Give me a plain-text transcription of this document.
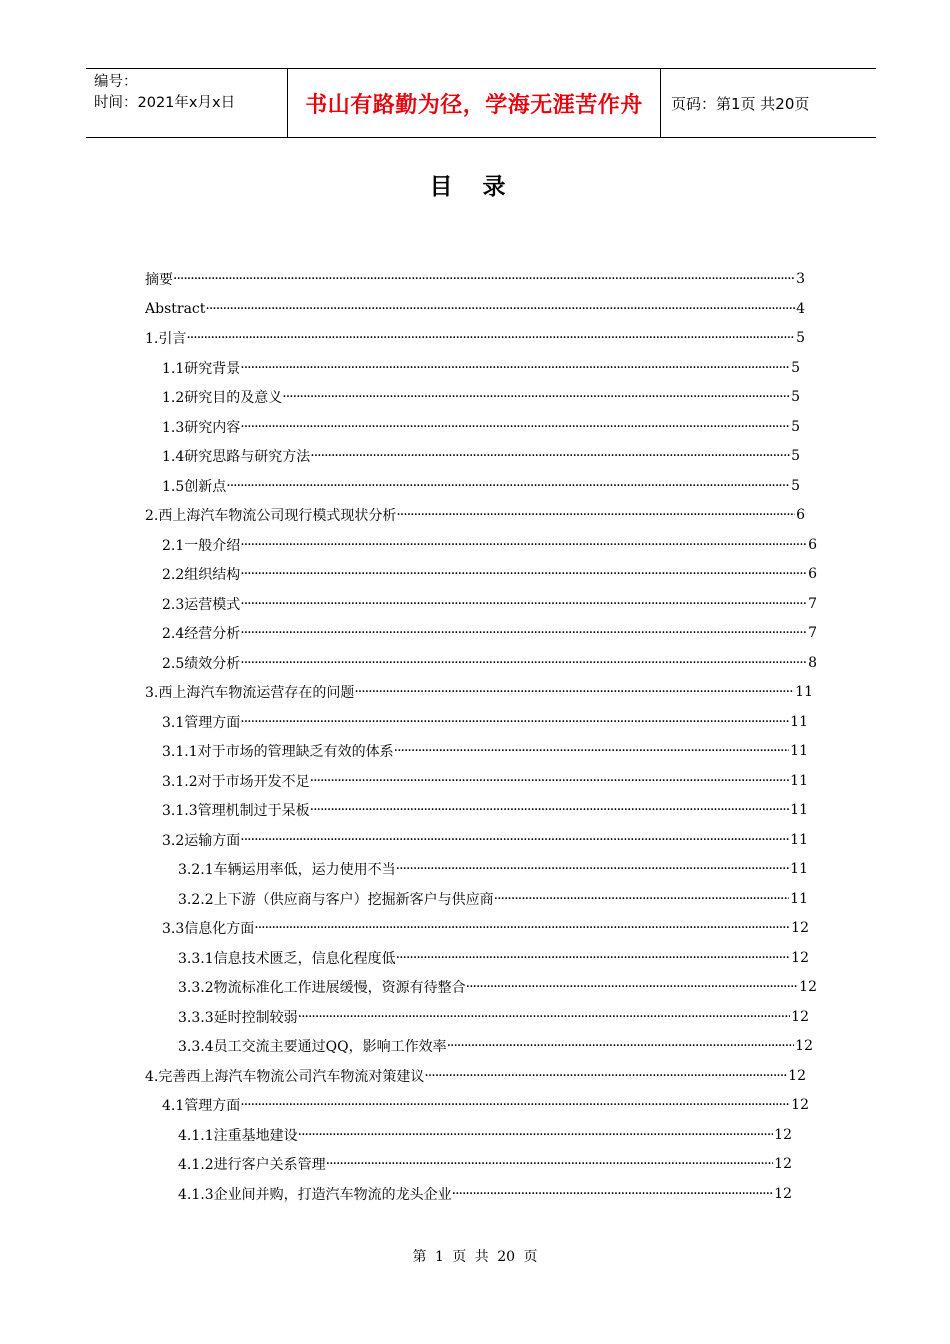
编号：
时间：2021年x月x日	书山有路勤为径，学海无涯苦作舟	页码：第1页 共20页
目录
摘要 ·····	3
Abstract ·····	4
1.引言 ·····	5
1.1研究背景 ·····	5
1.2研究目的及意义 ·····	5
1.3研究内容 ·····	5
1.4研究思路与研究方法 ·····	5
1.5创新点 ·····	5
2.西上海汽车物流公司现行模式现状分析 ·····	6
2.1一般介绍 ·····	6
2.2组织结构 ·····	6
2.3运营模式 ·····	7
2.4经营分析 ·····	7
2.5绩效分析 ·····	8
3.西上海汽车物流运营存在的问题 ·····	11
3.1管理方面 ·····	11
3.1.1对于市场的管理缺乏有效的体系 ·····	11
3.1.2对于市场开发不足 ·····	11
3.1.3管理机制过于呆板 ·····	11
3.2运输方面 ·····	11
3.2.1车辆运用率低，运力使用不当 ·····	11
3.2.2上下游（供应商与客户）挖掘新客户与供应商 ·····	11
3.3信息化方面 ·····	12
3.3.1信息技术匮乏，信息化程度低 ·····	12
3.3.2物流标准化工作进展缓慢，资源有待整合 ·····	12
3.3.3延时控制较弱 ·····	12
3.3.4员工交流主要通过QQ，影响工作效率 ·····	12
4.完善西上海汽车物流公司汽车物流对策建议 ·····	12
4.1管理方面 ·····	12
4.1.1注重基地建设 ·····	12
4.1.2进行客户关系管理 ·····	12
4.1.3企业间并购，打造汽车物流的龙头企业 ·····	12
第 1 页 共 20 页
